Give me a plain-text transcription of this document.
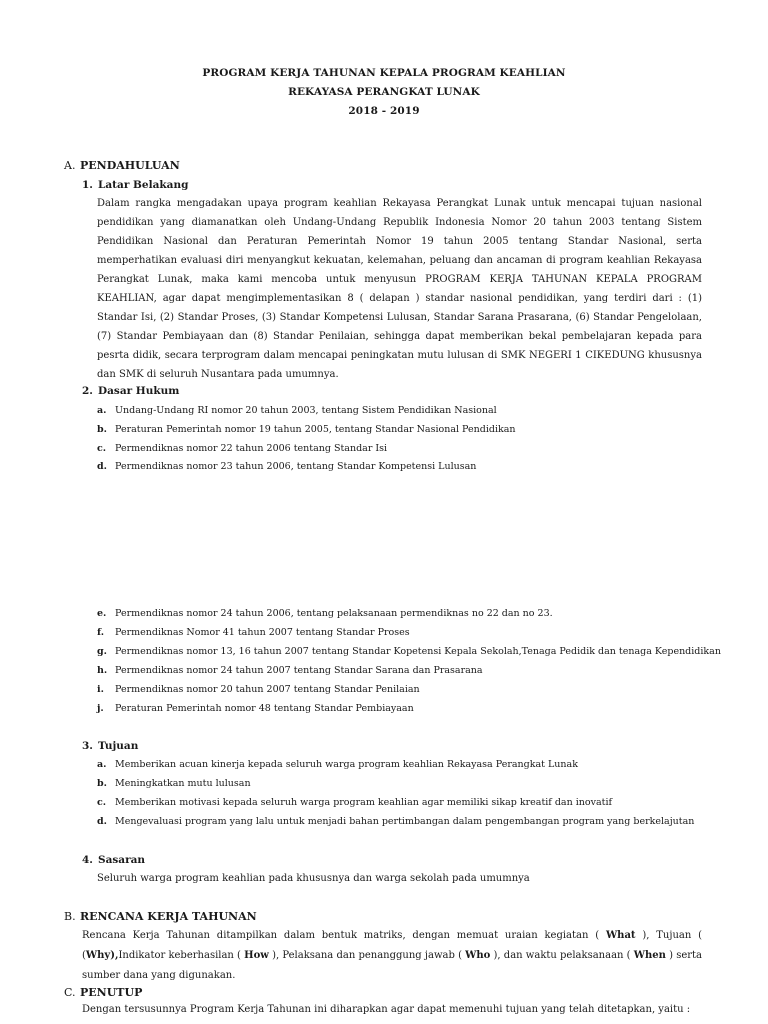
PROGRAM KERJA TAHUNAN KEPALA PROGRAM KEAHLIAN
REKAYASA PERANGKAT LUNAK
2018 - 2019
A. PENDAHULUAN
1. Latar Belakang
Dalam rangka mengadakan upaya program keahlian Rekayasa Perangkat Lunak untuk mencapai tujuan nasional pendidikan yang diamanatkan oleh Undang-Undang Republik Indonesia Nomor 20 tahun 2003 tentang Sistem Pendidikan Nasional dan Peraturan Pemerintah Nomor 19 tahun 2005 tentang Standar Nasional, serta memperhatikan evaluasi diri menyangkut kekuatan, kelemahan, peluang dan ancaman di program keahlian Rekayasa Perangkat Lunak, maka kami mencoba untuk menyusun PROGRAM KERJA TAHUNAN KEPALA PROGRAM KEAHLIAN, agar dapat mengimplementasikan 8 ( delapan ) standar nasional pendidikan, yang terdiri dari : (1) Standar Isi, (2) Standar Proses, (3) Standar Kompetensi Lulusan, Standar Sarana Prasarana, (6) Standar Pengelolaan, (7) Standar Pembiayaan dan (8) Standar Penilaian, sehingga dapat memberikan bekal pembelajaran kepada para pesrta didik, secara terprogram dalam mencapai peningkatan mutu lulusan di SMK NEGERI 1 CIKEDUNG khususnya dan SMK di seluruh Nusantara pada umumnya.
2. Dasar Hukum
a. Undang-Undang RI nomor 20 tahun 2003, tentang Sistem Pendidikan Nasional
b. Peraturan Pemerintah nomor 19 tahun 2005, tentang Standar Nasional Pendidikan
c. Permendiknas nomor 22 tahun 2006 tentang Standar Isi
d. Permendiknas nomor 23 tahun 2006, tentang Standar Kompetensi Lulusan
e. Permendiknas nomor 24 tahun 2006, tentang pelaksanaan permendiknas no 22 dan no 23.
f. Permendiknas Nomor 41 tahun 2007 tentang Standar Proses
g. Permendiknas nomor 13, 16 tahun 2007 tentang Standar Kopetensi Kepala Sekolah,Tenaga Pedidik dan tenaga Kependidikan
h. Permendiknas nomor 24 tahun 2007 tentang Standar Sarana dan Prasarana
i. Permendiknas nomor 20 tahun 2007 tentang Standar Penilaian
j. Peraturan Pemerintah nomor 48 tentang Standar Pembiayaan
3. Tujuan
a. Memberikan acuan kinerja kepada seluruh warga program keahlian Rekayasa Perangkat Lunak
b. Meningkatkan mutu lulusan
c. Memberikan motivasi kepada seluruh warga program keahlian agar memiliki sikap kreatif dan inovatif
d. Mengevaluasi program yang lalu untuk menjadi bahan pertimbangan dalam pengembangan program yang berkelajutan
4. Sasaran
Seluruh warga program keahlian pada khususnya dan warga sekolah pada umumnya
B. RENCANA KERJA TAHUNAN
Rencana Kerja Tahunan ditampilkan dalam bentuk matriks, dengan memuat uraian kegiatan ( What ), Tujuan ( (Why),Indikator keberhasilan ( How ), Pelaksana dan penanggung jawab ( Who ), dan waktu pelaksanaan ( When ) serta sumber dana yang digunakan.
C. PENUTUP
Dengan tersusunnya Program Kerja Tahunan ini diharapkan agar dapat memenuhi tujuan yang telah ditetapkan, yaitu :
